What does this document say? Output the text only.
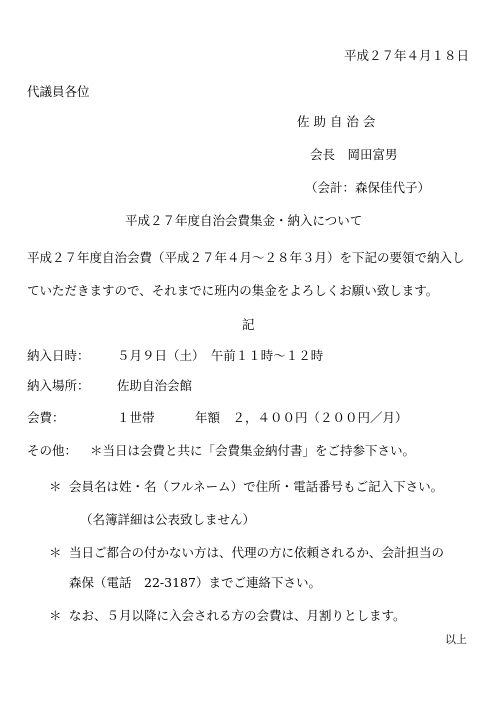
平成２７年４月１８日
代議員各位
佐 助 自 治 会
会長　岡田富男
（会計：森保佳代子）
平成２７年度自治会費集金・納入について
平成２７年度自治会費（平成２７年４月～２８年３月）を下記の要領で納入し
ていただきますので、それまでに班内の集金をよろしくお願い致します。
記
納入日時： ５月９日（土）　午前１１時～１２時
納入場所： 佐助自治会館
会費：	１世帯	年額　２，４００円（２００円／月）
その他： ＊当日は会費と共に「会費集金納付書」をご持参下さい。
＊ 会員名は姓・名（フルネーム）で住所・電話番号もご記入下さい。
（名簿詳細は公表致しません）
＊ 当日ご都合の付かない方は、代理の方に依頼されるか、会計担当の
森保（電話　22-3187）までご連絡下さい。
＊ なお、５月以降に入会される方の会費は、月割りとします。
以上
